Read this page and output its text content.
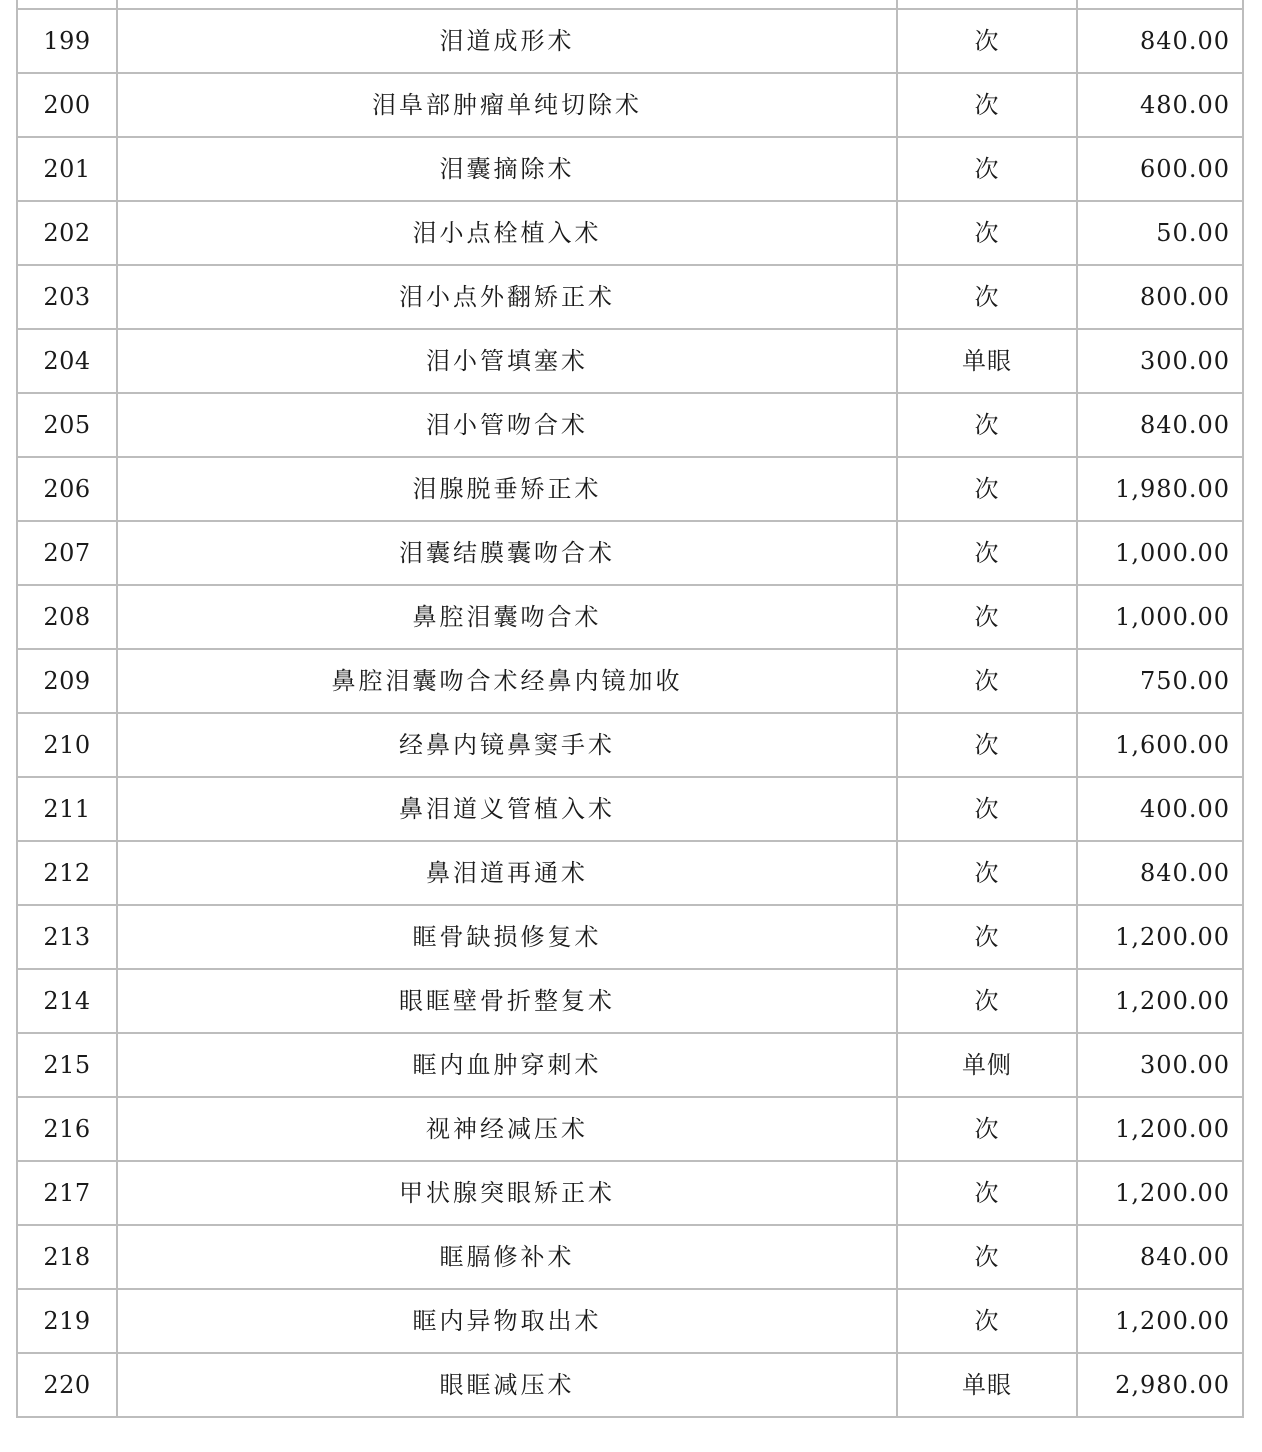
199	泪道成形术	次	840.00
200	泪阜部肿瘤单纯切除术	次	480.00
201	泪囊摘除术	次	600.00
202	泪小点栓植入术	次	50.00
203	泪小点外翻矫正术	次	800.00
204	泪小管填塞术	单眼	300.00
205	泪小管吻合术	次	840.00
206	泪腺脱垂矫正术	次	1,980.00
207	泪囊结膜囊吻合术	次	1,000.00
208	鼻腔泪囊吻合术	次	1,000.00
209	鼻腔泪囊吻合术经鼻内镜加收	次	750.00
210	经鼻内镜鼻窦手术	次	1,600.00
211	鼻泪道义管植入术	次	400.00
212	鼻泪道再通术	次	840.00
213	眶骨缺损修复术	次	1,200.00
214	眼眶壁骨折整复术	次	1,200.00
215	眶内血肿穿刺术	单侧	300.00
216	视神经减压术	次	1,200.00
217	甲状腺突眼矫正术	次	1,200.00
218	眶膈修补术	次	840.00
219	眶内异物取出术	次	1,200.00
220	眼眶减压术	单眼	2,980.00
